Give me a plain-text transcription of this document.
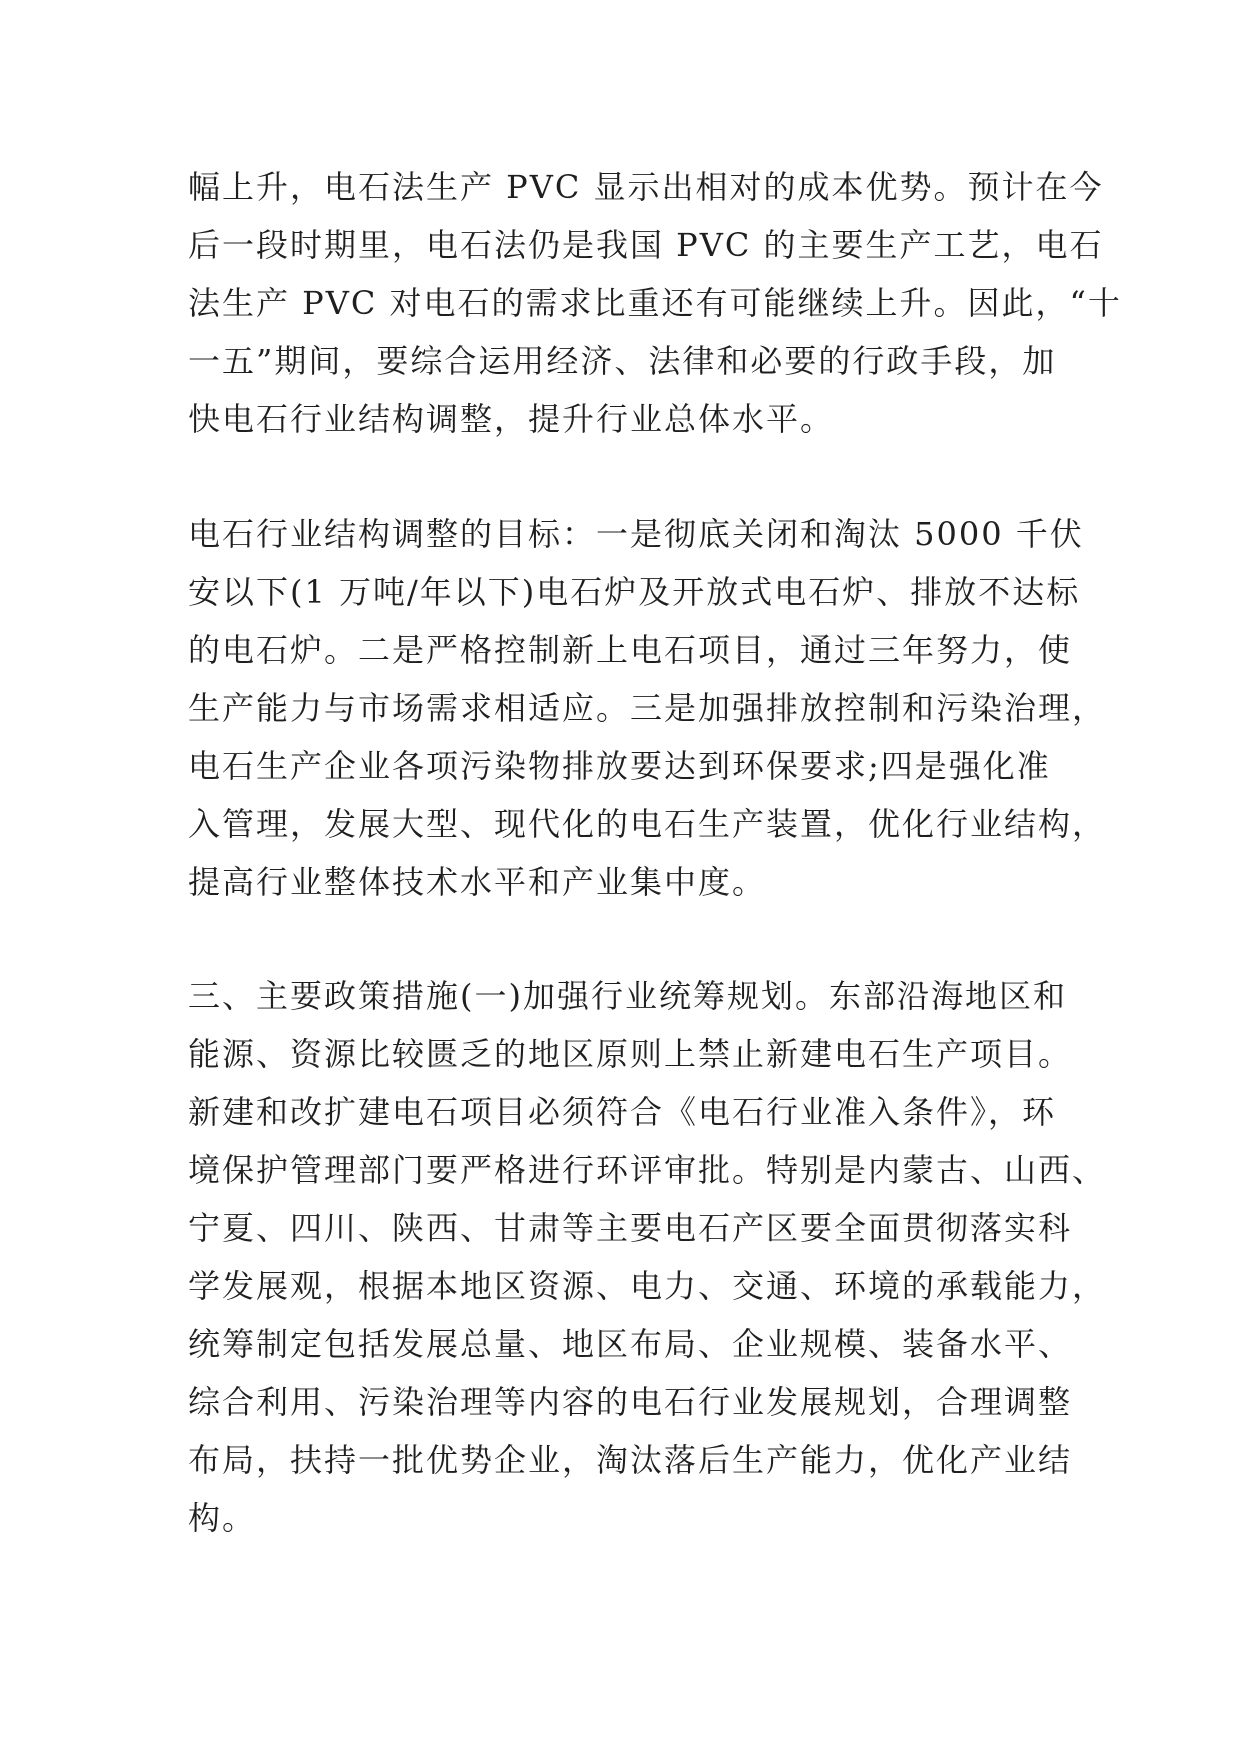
幅上升，电石法生产 PVC 显示出相对的成本优势。预计在今
后一段时期里，电石法仍是我国 PVC 的主要生产工艺，电石
法生产 PVC 对电石的需求比重还有可能继续上升。因此，“十
一五”期间，要综合运用经济、法律和必要的行政手段，加
快电石行业结构调整，提升行业总体水平。

电石行业结构调整的目标：一是彻底关闭和淘汰 5000 千伏
安以下(1 万吨/年以下)电石炉及开放式电石炉、排放不达标
的电石炉。二是严格控制新上电石项目，通过三年努力，使
生产能力与市场需求相适应。三是加强排放控制和污染治理，
电石生产企业各项污染物排放要达到环保要求;四是强化准
入管理，发展大型、现代化的电石生产装置，优化行业结构，
提高行业整体技术水平和产业集中度。

三、主要政策措施(一)加强行业统筹规划。东部沿海地区和
能源、资源比较匮乏的地区原则上禁止新建电石生产项目。
新建和改扩建电石项目必须符合《电石行业准入条件》，环
境保护管理部门要严格进行环评审批。特别是内蒙古、山西、
宁夏、四川、陕西、甘肃等主要电石产区要全面贯彻落实科
学发展观，根据本地区资源、电力、交通、环境的承载能力，
统筹制定包括发展总量、地区布局、企业规模、装备水平、
综合利用、污染治理等内容的电石行业发展规划，合理调整
布局，扶持一批优势企业，淘汰落后生产能力，优化产业结
构。
